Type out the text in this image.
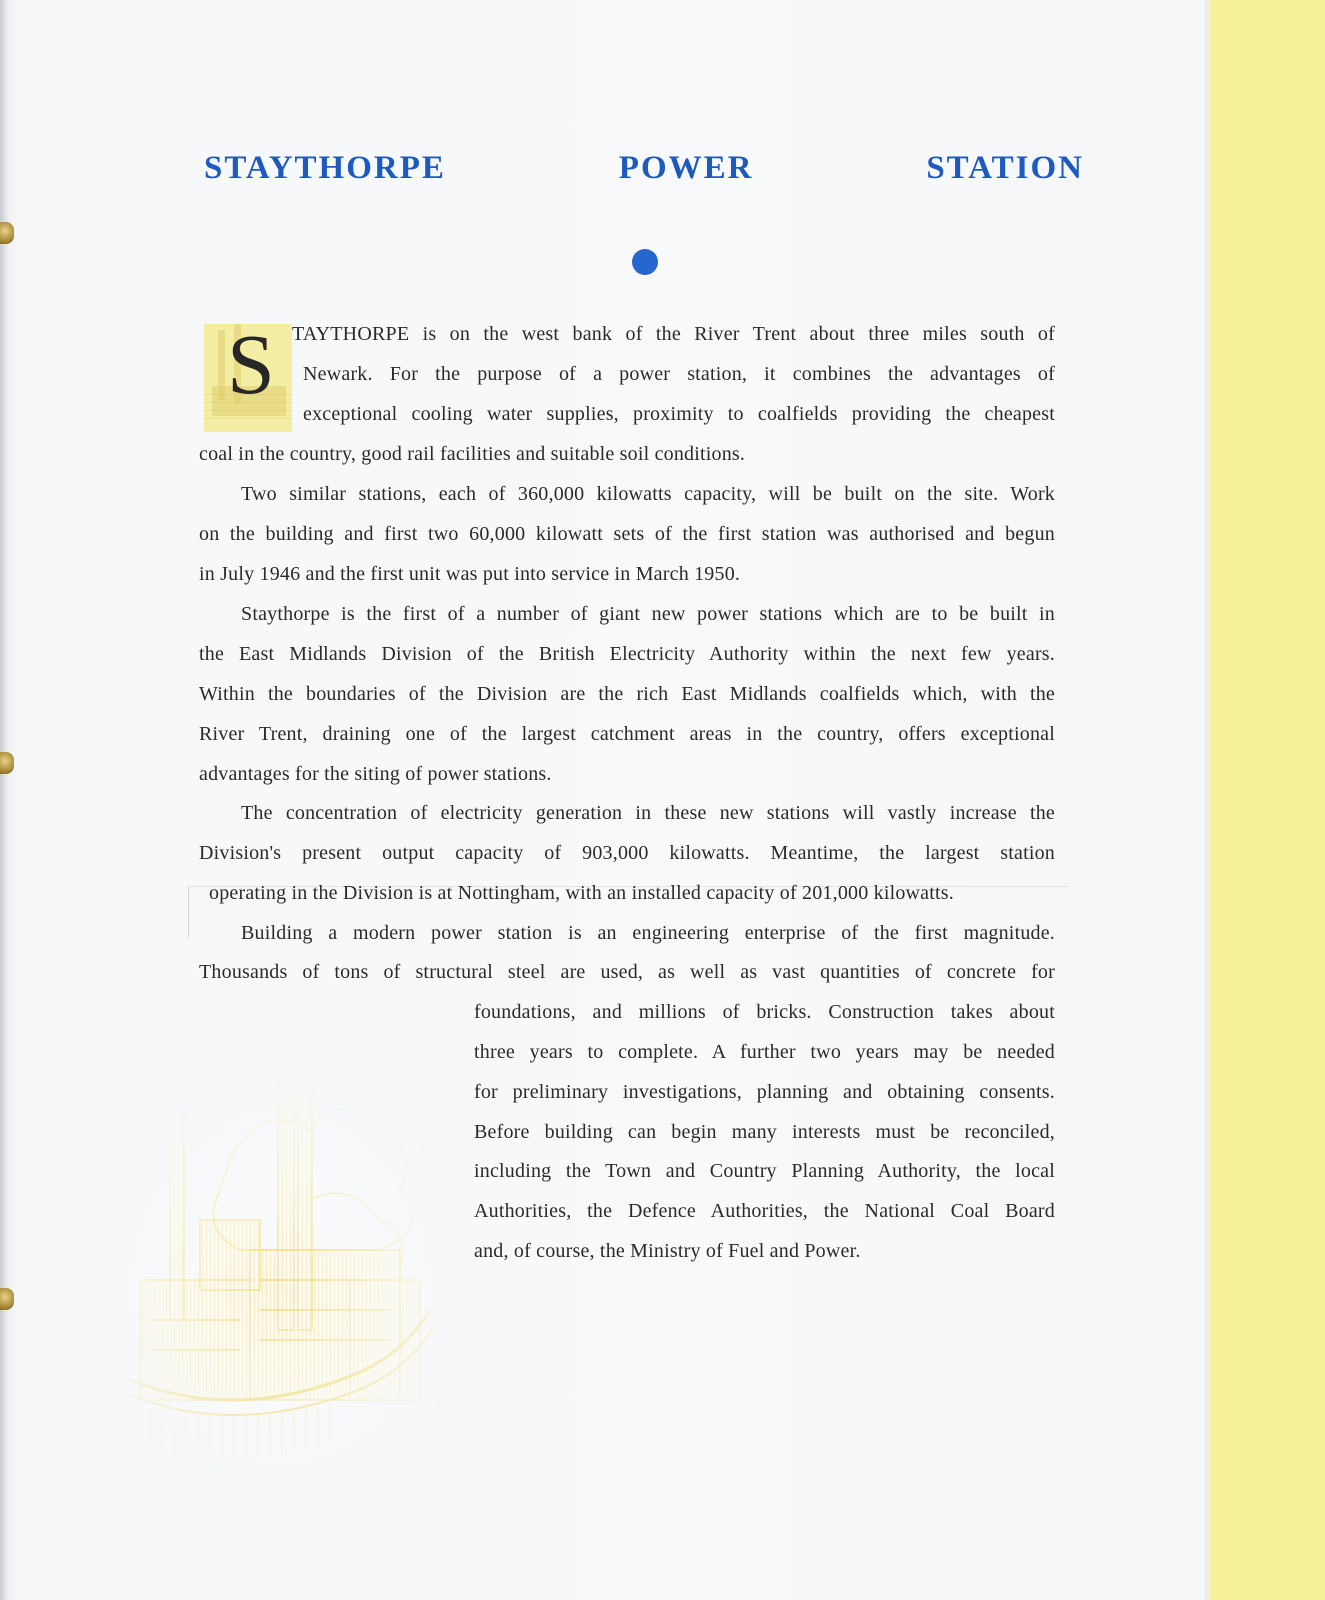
STAYTHORPE	POWER	STATION
S TAYTHORPE is on the west bank of the River Trent about three miles south of
Newark. For the purpose of a power station, it combines the advantages of
exceptional cooling water supplies, proximity to coalfields providing the cheapest
coal in the country, good rail facilities and suitable soil conditions.
Two similar stations, each of 360,000 kilowatts capacity, will be built on the site. Work
on the building and first two 60,000 kilowatt sets of the first station was authorised and begun
in July 1946 and the first unit was put into service in March 1950.
Staythorpe is the first of a number of giant new power stations which are to be built in
the East Midlands Division of the British Electricity Authority within the next few years.
Within the boundaries of the Division are the rich East Midlands coalfields which, with the
River Trent, draining one of the largest catchment areas in the country, offers exceptional
advantages for the siting of power stations.
The concentration of electricity generation in these new stations will vastly increase the
Division's present output capacity of 903,000 kilowatts. Meantime, the largest station
operating in the Division is at Nottingham, with an installed capacity of 201,000 kilowatts.
Building a modern power station is an engineering enterprise of the first magnitude.
Thousands of tons of structural steel are used, as well as vast quantities of concrete for
foundations, and millions of bricks. Construction takes about
three years to complete. A further two years may be needed
for preliminary investigations, planning and obtaining consents.
Before building can begin many interests must be reconciled,
including the Town and Country Planning Authority, the local
Authorities, the Defence Authorities, the National Coal Board
and, of course, the Ministry of Fuel and Power.
